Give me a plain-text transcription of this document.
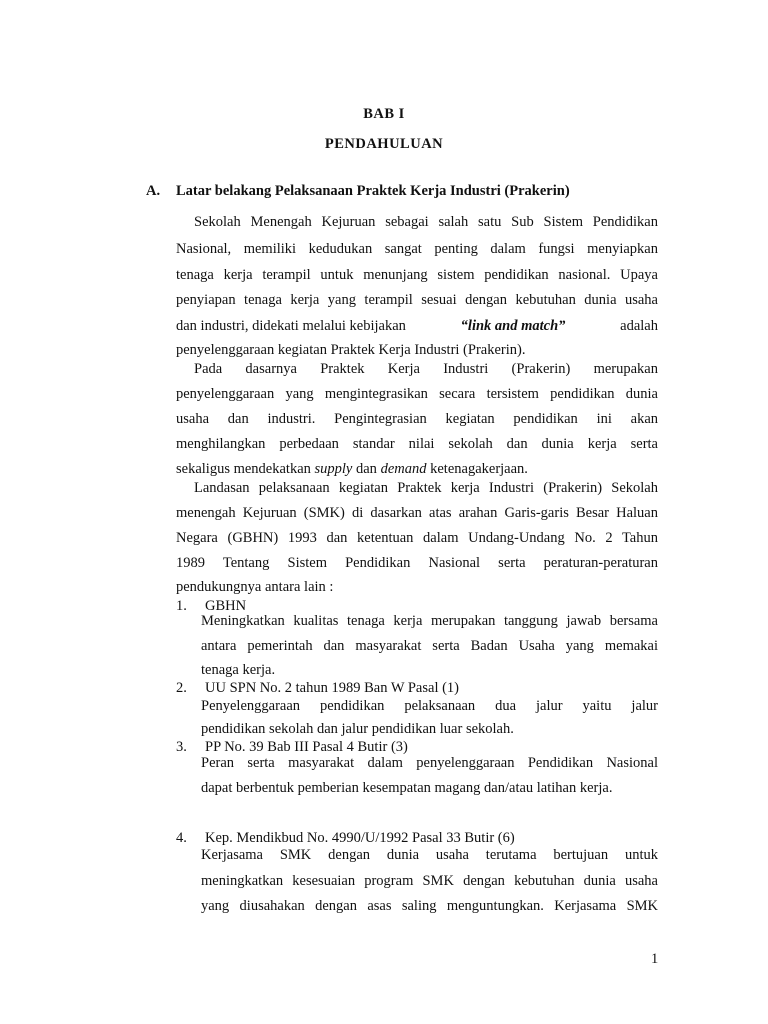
BAB I
PENDAHULUAN
A. Latar belakang Pelaksanaan Praktek Kerja Industri (Prakerin)
Sekolah Menengah Kejuruan sebagai salah satu Sub Sistem Pendidikan
Nasional, memiliki kedudukan sangat penting dalam fungsi menyiapkan
tenaga kerja terampil untuk menunjang sistem pendidikan nasional. Upaya
penyiapan tenaga kerja yang terampil sesuai dengan kebutuhan dunia usaha
dan industri, didekati melalui kebijakan	“link and match”	adalah
penyelenggaraan kegiatan Praktek Kerja Industri (Prakerin).
Pada dasarnya Praktek Kerja Industri (Prakerin) merupakan
penyelenggaraan yang mengintegrasikan secara tersistem pendidikan dunia
usaha dan industri. Pengintegrasian kegiatan pendidikan ini akan
menghilangkan perbedaan standar nilai sekolah dan dunia kerja serta
sekaligus mendekatkan supply dan demand ketenagakerjaan.
Landasan pelaksanaan kegiatan Praktek kerja Industri (Prakerin) Sekolah
menengah Kejuruan (SMK) di dasarkan atas arahan Garis-garis Besar Haluan
Negara (GBHN) 1993 dan ketentuan dalam Undang-Undang No. 2 Tahun
1989 Tentang Sistem Pendidikan Nasional serta peraturan-peraturan
pendukungnya antara lain :
1. GBHN
Meningkatkan kualitas tenaga kerja merupakan tanggung jawab bersama
antara pemerintah dan masyarakat serta Badan Usaha yang memakai
tenaga kerja.
2. UU SPN No. 2 tahun 1989 Ban W Pasal (1)
Penyelenggaraan pendidikan pelaksanaan dua jalur yaitu jalur
pendidikan sekolah dan jalur pendidikan luar sekolah.
3. PP No. 39 Bab III Pasal 4 Butir (3)
Peran serta masyarakat dalam penyelenggaraan Pendidikan Nasional
dapat berbentuk pemberian kesempatan magang dan/atau latihan kerja.
4. Kep. Mendikbud No. 4990/U/1992 Pasal 33 Butir (6)
Kerjasama SMK dengan dunia usaha terutama bertujuan untuk
meningkatkan kesesuaian program SMK dengan kebutuhan dunia usaha
yang diusahakan dengan asas saling menguntungkan. Kerjasama SMK
1
